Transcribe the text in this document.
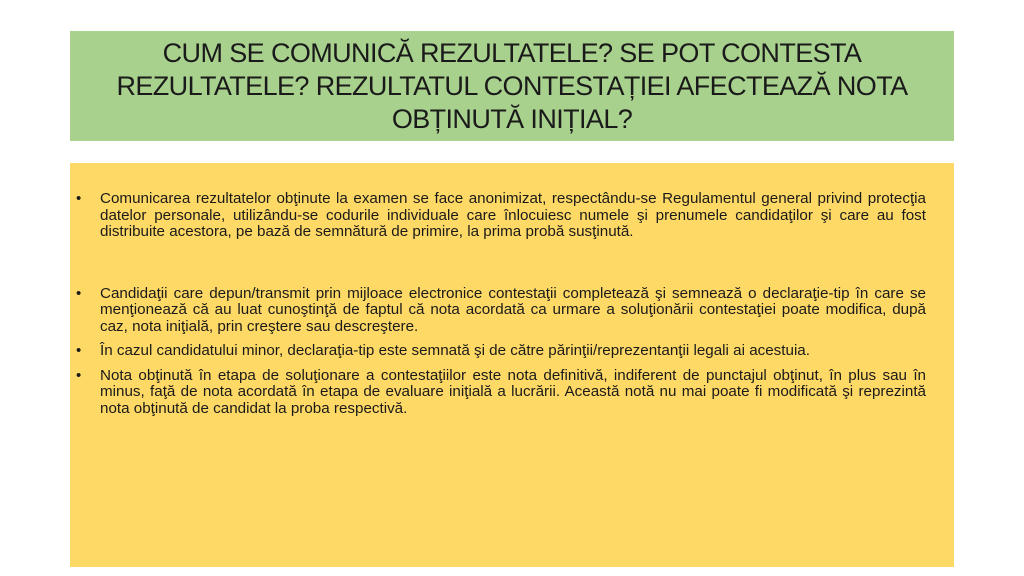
CUM SE COMUNICĂ REZULTATELE? SE POT CONTESTA REZULTATELE? REZULTATUL CONTESTAȚIEI AFECTEAZĂ NOTA OBȚINUTĂ INIȚIAL?
• Comunicarea rezultatelor obţinute la examen se face anonimizat, respectându-se Regulamentul general privind protecţia datelor personale, utilizându-se codurile individuale care înlocuiesc numele şi prenumele candidaţilor şi care au fost distribuite acestora, pe bază de semnătură de primire, la prima probă susţinută.
• Candidaţii care depun/transmit prin mijloace electronice contestaţii completează şi semnează o declaraţie-tip în care se menţionează că au luat cunoştinţă de faptul că nota acordată ca urmare a soluţionării contestaţiei poate modifica, după caz, nota iniţială, prin creştere sau descreştere.
• În cazul candidatului minor, declaraţia-tip este semnată şi de către părinţii/reprezentanţii legali ai acestuia.
• Nota obţinută în etapa de soluţionare a contestaţiilor este nota definitivă, indiferent de punctajul obţinut, în plus sau în minus, faţă de nota acordată în etapa de evaluare iniţială a lucrării. Această notă nu mai poate fi modificată şi reprezintă nota obţinută de candidat la proba respectivă.
